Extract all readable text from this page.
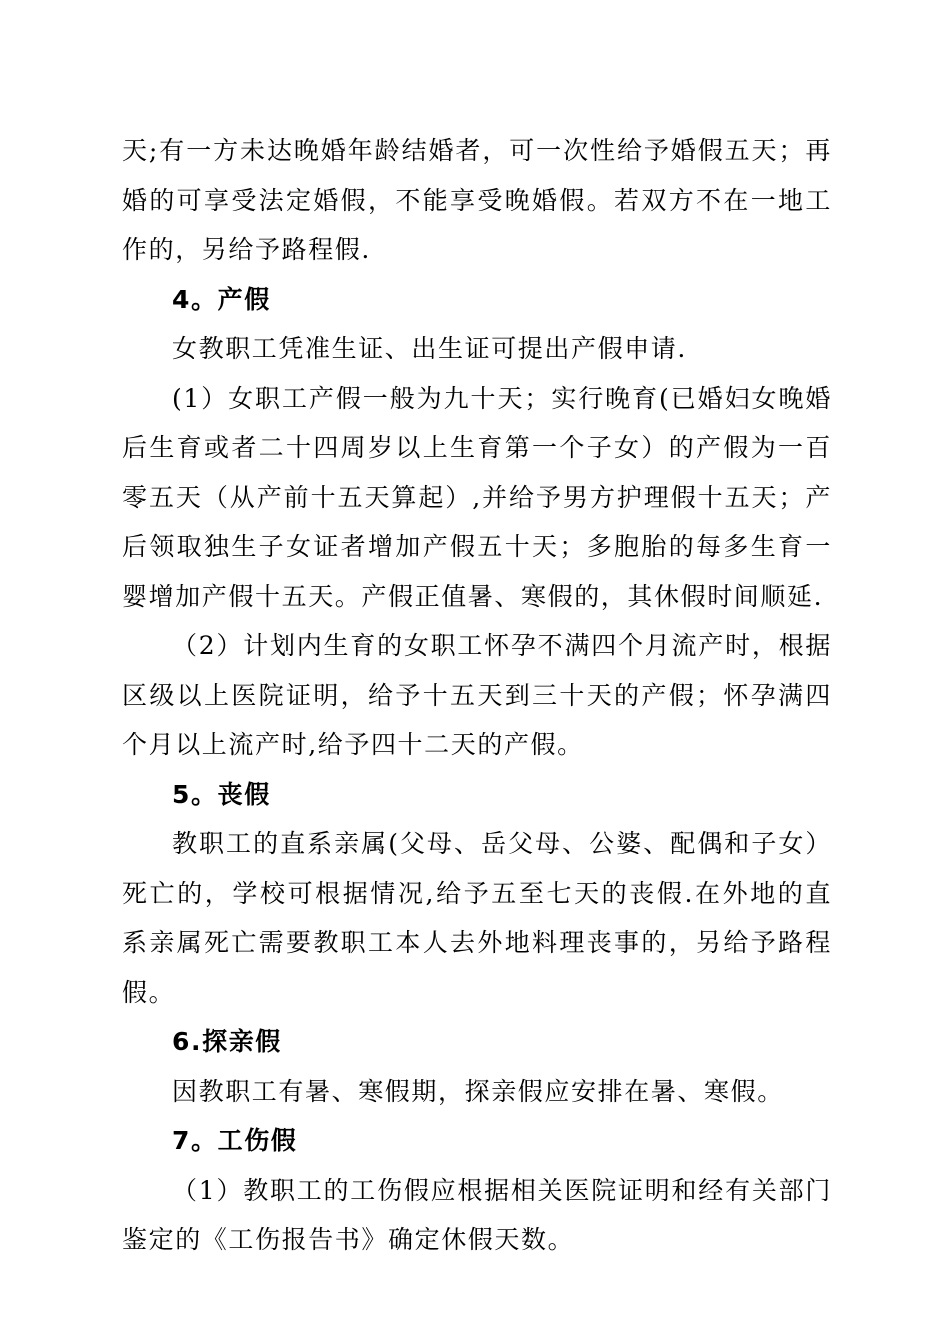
天;有一方未达晚婚年龄结婚者，可一次性给予婚假五天；再婚的可享受法定婚假，不能享受晚婚假。若双方不在一地工作的，另给予路程假.

4。产假

女教职工凭准生证、出生证可提出产假申请.

(1）女职工产假一般为九十天；实行晚育(已婚妇女晚婚后生育或者二十四周岁以上生育第一个子女）的产假为一百零五天（从产前十五天算起）,并给予男方护理假十五天；产后领取独生子女证者增加产假五十天；多胞胎的每多生育一婴增加产假十五天。产假正值暑、寒假的，其休假时间顺延.

（2）计划内生育的女职工怀孕不满四个月流产时，根据区级以上医院证明，给予十五天到三十天的产假；怀孕满四个月以上流产时,给予四十二天的产假。

5。丧假

教职工的直系亲属(父母、岳父母、公婆、配偶和子女）死亡的，学校可根据情况,给予五至七天的丧假.在外地的直系亲属死亡需要教职工本人去外地料理丧事的，另给予路程假。

6.探亲假

因教职工有暑、寒假期，探亲假应安排在暑、寒假。

7。工伤假

（1）教职工的工伤假应根据相关医院证明和经有关部门鉴定的《工伤报告书》确定休假天数。
